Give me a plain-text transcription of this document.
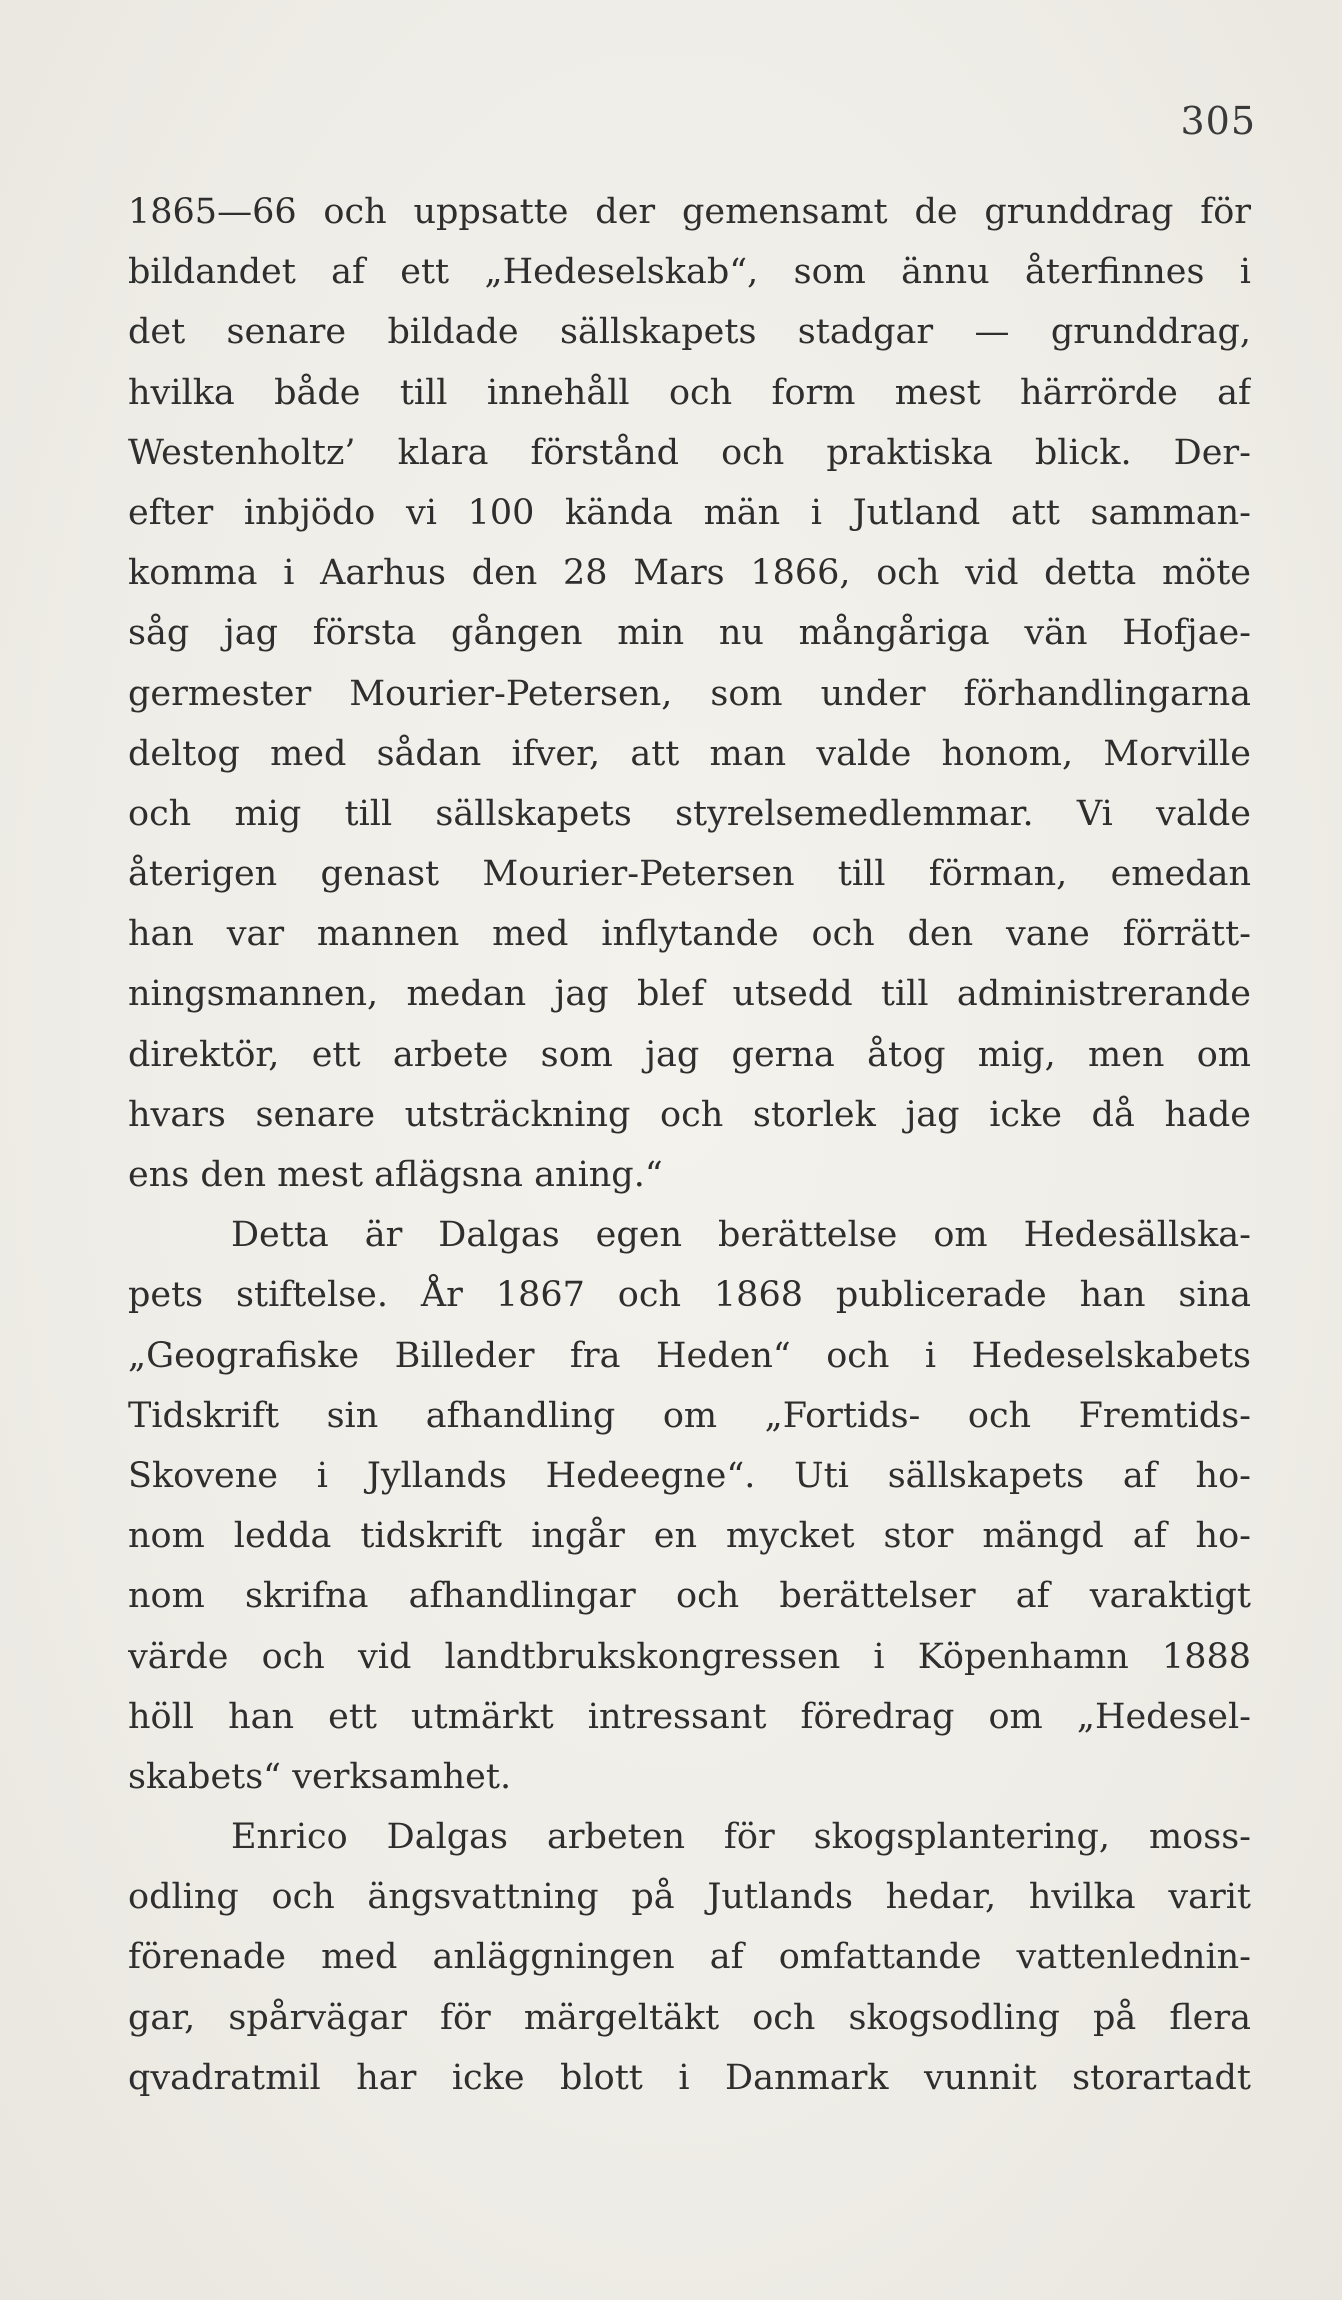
305
1865—66 och uppsatte der gemensamt de grunddrag för
bildandet af ett „Hedeselskab“, som ännu återfinnes i
det senare bildade sällskapets stadgar — grunddrag,
hvilka både till innehåll och form mest härrörde af
Westenholtz’ klara förstånd och praktiska blick. Der-
efter inbjödo vi 100 kända män i Jutland att samman-
komma i Aarhus den 28 Mars 1866, och vid detta möte
såg jag första gången min nu mångåriga vän Hofjae-
germester Mourier-Petersen, som under förhandlingarna
deltog med sådan ifver, att man valde honom, Morville
och mig till sällskapets styrelsemedlemmar. Vi valde
återigen genast Mourier-Petersen till förman, emedan
han var mannen med inflytande och den vane förrätt-
ningsmannen, medan jag blef utsedd till administrerande
direktör, ett arbete som jag gerna åtog mig, men om
hvars senare utsträckning och storlek jag icke då hade
ens den mest aflägsna aning.“
Detta är Dalgas egen berättelse om Hedesällska-
pets stiftelse. År 1867 och 1868 publicerade han sina
„Geografiske Billeder fra Heden“ och i Hedeselskabets
Tidskrift sin afhandling om „Fortids- och Fremtids-
Skovene i Jyllands Hedeegne“. Uti sällskapets af ho-
nom ledda tidskrift ingår en mycket stor mängd af ho-
nom skrifna afhandlingar och berättelser af varaktigt
värde och vid landtbrukskongressen i Köpenhamn 1888
höll han ett utmärkt intressant föredrag om „Hedesel-
skabets“ verksamhet.
Enrico Dalgas arbeten för skogsplantering, moss-
odling och ängsvattning på Jutlands hedar, hvilka varit
förenade med anläggningen af omfattande vattenlednin-
gar, spårvägar för märgeltäkt och skogsodling på flera
qvadratmil har icke blott i Danmark vunnit storartadt
